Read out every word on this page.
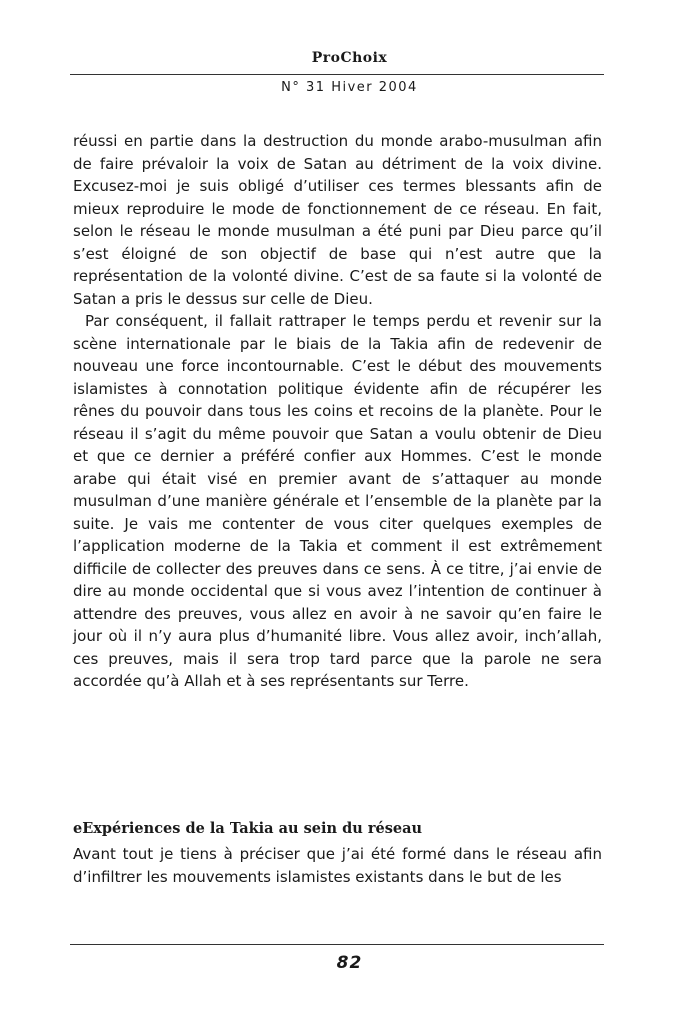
ProChoix
N° 31 Hiver 2004

réussi en partie dans la destruction du monde arabo-musulman afin de faire prévaloir la voix de Satan au détriment de la voix divine. Excusez-moi je suis obligé d’utiliser ces termes blessants afin de mieux reproduire le mode de fonctionnement de ce réseau. En fait, selon le réseau le monde musulman a été puni par Dieu parce qu’il s’est éloigné de son objectif de base qui n’est autre que la représentation de la volonté divine. C’est de sa faute si la volonté de Satan a pris le dessus sur celle de Dieu.

Par conséquent, il fallait rattraper le temps perdu et revenir sur la scène internationale par le biais de la Takia afin de redevenir de nouveau une force incontournable. C’est le début des mouvements islamistes à connotation politique évidente afin de récupérer les rênes du pouvoir dans tous les coins et recoins de la planète. Pour le réseau il s’agit du même pouvoir que Satan a voulu obtenir de Dieu et que ce dernier a préféré confier aux Hommes. C’est le monde arabe qui était visé en premier avant de s’attaquer au monde musulman d’une manière générale et l’ensemble de la planète par la suite. Je vais me contenter de vous citer quelques exemples de l’application moderne de la Takia et comment il est extrêmement difficile de collecter des preuves dans ce sens. À ce titre, j’ai envie de dire au monde occidental que si vous avez l’intention de continuer à attendre des preuves, vous allez en avoir à ne savoir qu’en faire le jour où il n’y aura plus d’humanité libre. Vous allez avoir, inch’allah, ces preuves, mais il sera trop tard parce que la parole ne sera accordée qu’à Allah et à ses représentants sur Terre.

eExpériences de la Takia au sein du réseau

Avant tout je tiens à préciser que j’ai été formé dans le réseau afin d’infiltrer les mouvements islamistes existants dans le but de les

82
